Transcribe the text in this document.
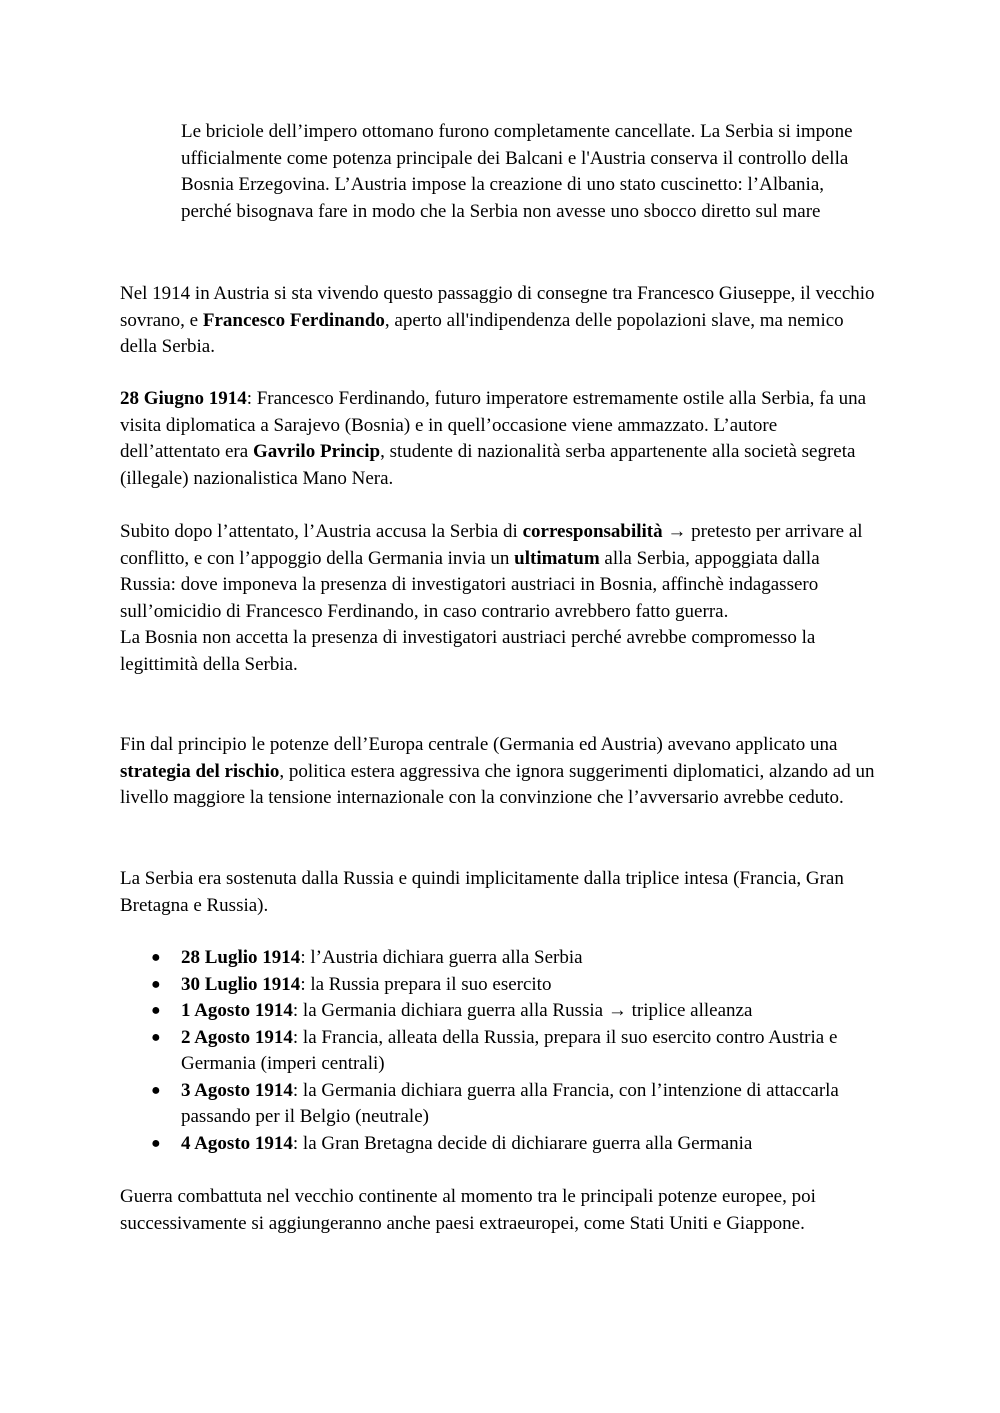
Le briciole dell’impero ottomano furono completamente cancellate. La Serbia si impone ufficialmente come potenza principale dei Balcani e l'Austria conserva il controllo della Bosnia Erzegovina. L’Austria impose la creazione di uno stato cuscinetto: l’Albania, perché bisognava fare in modo che la Serbia non avesse uno sbocco diretto sul mare

Nel 1914 in Austria si sta vivendo questo passaggio di consegne tra Francesco Giuseppe, il vecchio sovrano, e Francesco Ferdinando, aperto all'indipendenza delle popolazioni slave, ma nemico della Serbia.

28 Giugno 1914: Francesco Ferdinando, futuro imperatore estremamente ostile alla Serbia, fa una visita diplomatica a Sarajevo (Bosnia) e in quell’occasione viene ammazzato. L’autore dell’attentato era Gavrilo Princip, studente di nazionalità serba appartenente alla società segreta (illegale) nazionalistica Mano Nera.

Subito dopo l’attentato, l’Austria accusa la Serbia di corresponsabilità → pretesto per arrivare al conflitto, e con l’appoggio della Germania invia un ultimatum alla Serbia, appoggiata dalla Russia: dove imponeva la presenza di investigatori austriaci in Bosnia, affinchè indagassero sull’omicidio di Francesco Ferdinando, in caso contrario avrebbero fatto guerra.
La Bosnia non accetta la presenza di investigatori austriaci perché avrebbe compromesso la legittimità della Serbia.

Fin dal principio le potenze dell’Europa centrale (Germania ed Austria) avevano applicato una strategia del rischio, politica estera aggressiva che ignora suggerimenti diplomatici, alzando ad un livello maggiore la tensione internazionale con la convinzione che l’avversario avrebbe ceduto.

La Serbia era sostenuta dalla Russia e quindi implicitamente dalla triplice intesa (Francia, Gran Bretagna e Russia).

● 28 Luglio 1914: l’Austria dichiara guerra alla Serbia
● 30 Luglio 1914: la Russia prepara il suo esercito
● 1 Agosto 1914: la Germania dichiara guerra alla Russia → triplice alleanza
● 2 Agosto 1914: la Francia, alleata della Russia, prepara il suo esercito contro Austria e Germania (imperi centrali)
● 3 Agosto 1914: la Germania dichiara guerra alla Francia, con l’intenzione di attaccarla passando per il Belgio (neutrale)
● 4 Agosto 1914: la Gran Bretagna decide di dichiarare guerra alla Germania

Guerra combattuta nel vecchio continente al momento tra le principali potenze europee, poi successivamente si aggiungeranno anche paesi extraeuropei, come Stati Uniti e Giappone.
